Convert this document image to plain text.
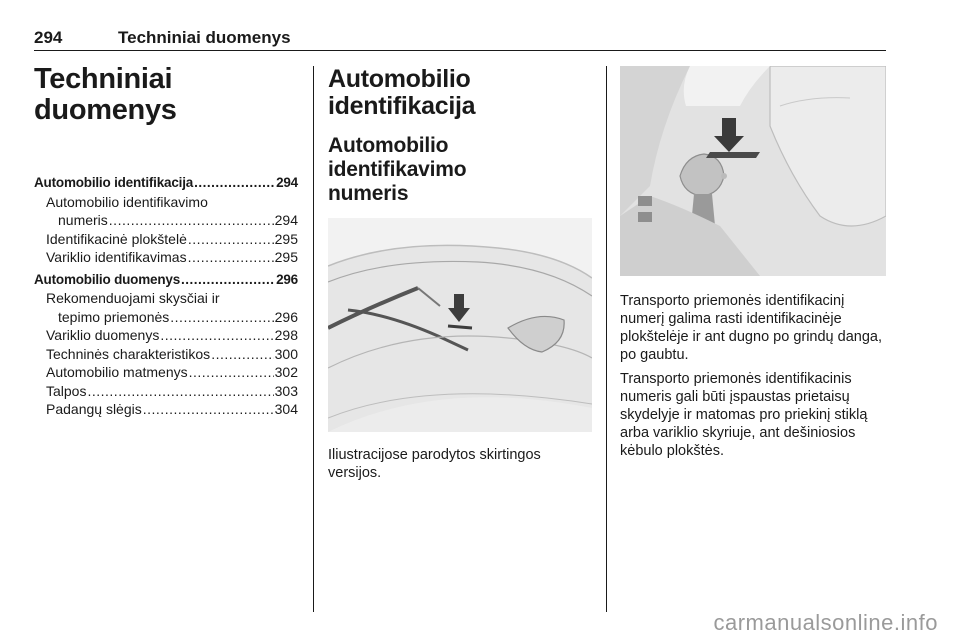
294	Techniniai duomenys
Techniniai
duomenys
Automobilio identifikacija .....	294
Automobilio identifikavimo
numeris .....	294
Identifikacinė plokštelė .....	295
Variklio identifikavimas .....	295
Automobilio duomenys .....	296
Rekomenduojami skysčiai ir
tepimo priemonės .....	296
Variklio duomenys .....	298
Techninės charakteristikos .....	300
Automobilio matmenys .....	302
Talpos .....	303
Padangų slėgis .....	304
Automobilio
identifikacija
Automobilio identifikavimo
numeris

Iliustracijose parodytos skirtingos versijos.

Transporto priemonės identifikacinį numerį galima rasti identifikacinėje plokštelėje ir ant dugno po grindų danga, po gaubtu.

Transporto priemonės identifikacinis numeris gali būti įspaustas prietaisų skydelyje ir matomas pro priekinį stiklą arba variklio skyriuje, ant dešiniosios kėbulo plokštės.

carmanualsonline.info
